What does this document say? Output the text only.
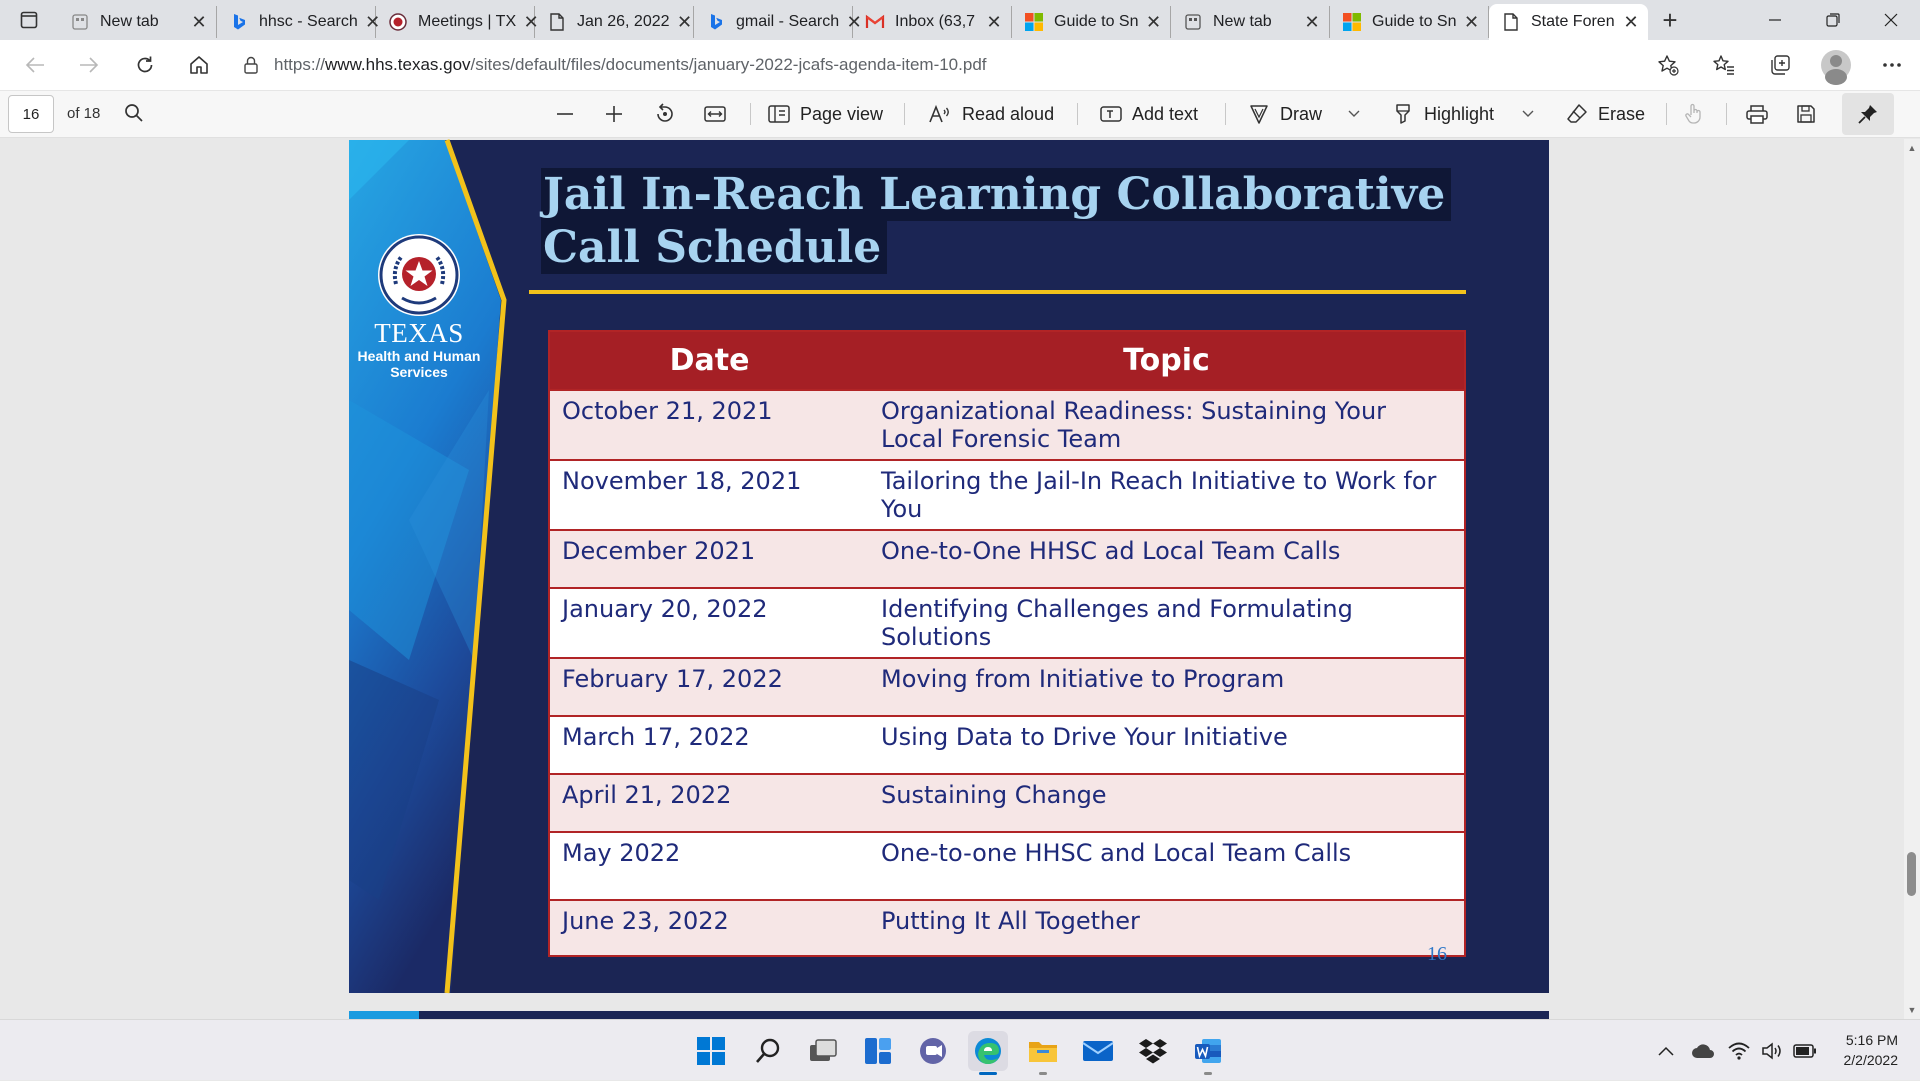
New tab	✕	hhsc - Search ✕ Meetings | TX ✕ Jan 26, 2022 ✕	gmail - Search ✕ Inbox (63,7 ✕	Guide to Sn ✕	New tab	✕	Guide to Sn ✕	State Foren ✕ +
https://www.hhs.texas.gov/sites/default/files/documents/january-2022-jcafs-agenda-item-10.pdf
16 of 18	Page view	Read aloud	Add text	Draw	Highlight	Erase
TEXAS
Health and Human
Services
Jail In-Reach Learning Collaborative
Call Schedule
Date	Topic
October 21, 2021	Organizational Readiness: Sustaining Your Local Forensic Team
November 18, 2021	Tailoring the Jail-In Reach Initiative to Work for You
December 2021	One-to-One HHSC ad Local Team Calls
January 20, 2022	Identifying Challenges and Formulating Solutions
February 17, 2022	Moving from Initiative to Program
March 17, 2022	Using Data to Drive Your Initiative
April 21, 2022	Sustaining Change
May 2022	One-to-one HHSC and Local Team Calls
June 23, 2022	Putting It All Together
16
▲
▼
5:16 PM
2/2/2022
